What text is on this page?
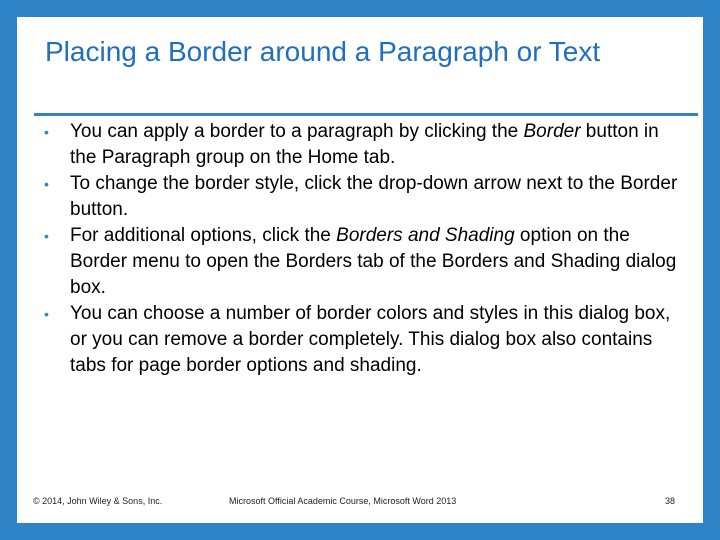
Placing a Border around a Paragraph or Text
• You can apply a border to a paragraph by clicking the Border button in the Paragraph group on the Home tab.
• To change the border style, click the drop-down arrow next to the Border button.
• For additional options, click the Borders and Shading option on the Border menu to open the Borders tab of the Borders and Shading dialog box.
• You can choose a number of border colors and styles in this dialog box, or you can remove a border completely. This dialog box also contains tabs for page border options and shading.
© 2014, John Wiley & Sons, Inc.	Microsoft Official Academic Course, Microsoft Word 2013	38
